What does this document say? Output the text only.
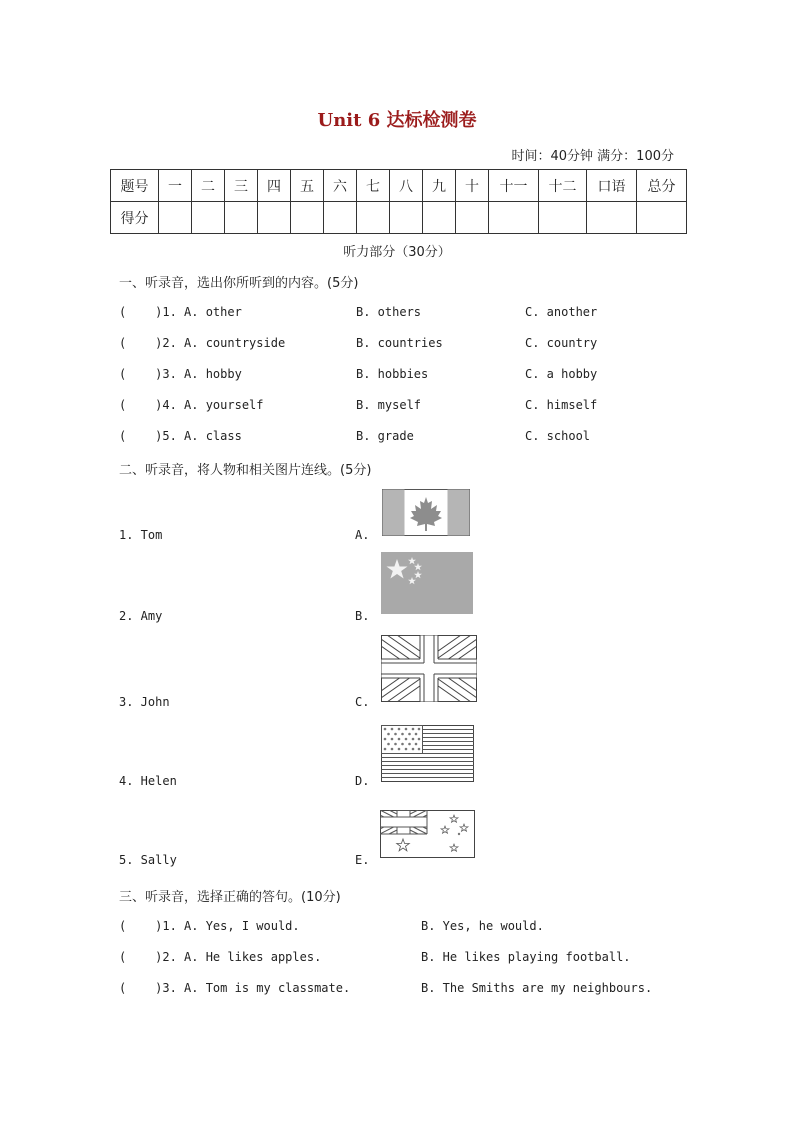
Unit 6 达标检测卷
时间：40分钟 满分：100分
题号	一	二	三	四	五	六	七	八	九	十	十一	十二	口语	总分
得分														
听力部分（30分）
一、听录音，选出你所听到的内容。(5分)
(    )1. A. other	B. others	C. another
(    )2. A. countryside	B. countries	C. country
(    )3. A. hobby	B. hobbies	C. a hobby
(    )4. A. yourself	B. myself	C. himself
(    )5. A. class	B. grade	C. school
二、听录音，将人物和相关图片连线。(5分)
1. Tom	A.
2. Amy	B.
3. John	C.
4. Helen	D.
5. Sally	E.
三、听录音，选择正确的答句。(10分)
(    )1. A. Yes, I would.	B. Yes, he would.
(    )2. A. He likes apples.	B. He likes playing football.
(    )3. A. Tom is my classmate.	B. The Smiths are my neighbours.
